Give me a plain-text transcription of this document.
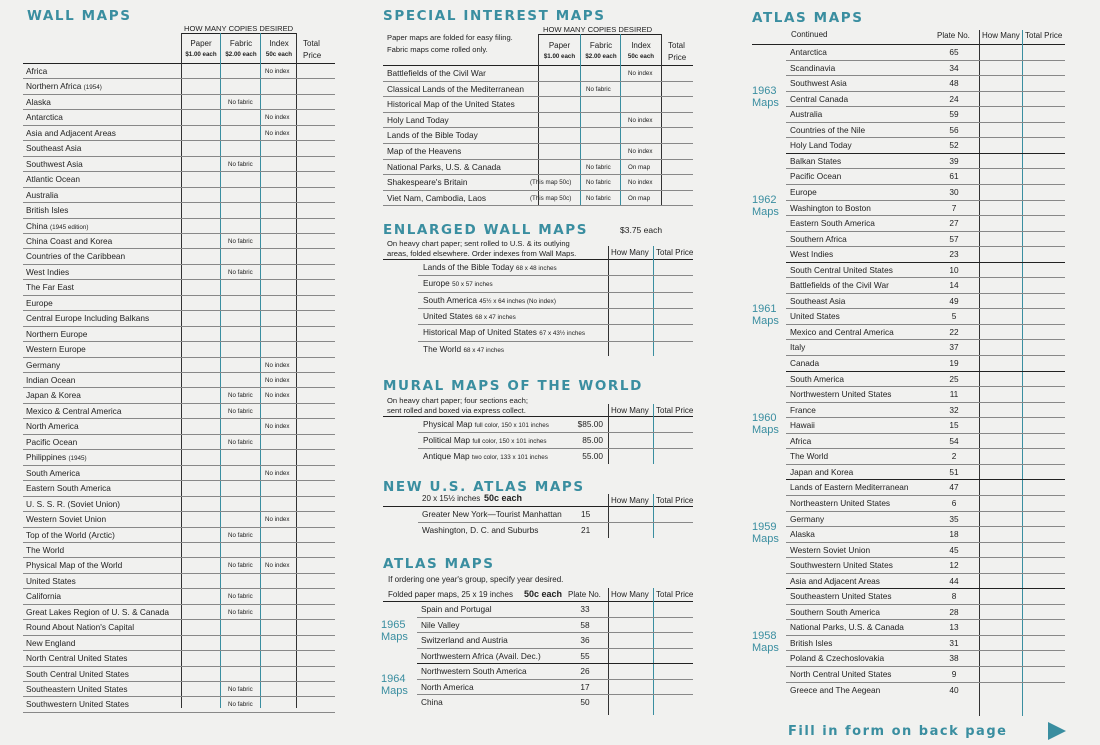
WALL MAPS
HOW MANY COPIES DESIRED
Paper
$1.00 each
Fabric
$2.00 each
Index
50c each
Total
Price
Africa	No index
Northern Africa (1954)
Alaska	No fabric
Antarctica	No index
Asia and Adjacent Areas	No index
Southeast Asia
Southwest Asia	No fabric
Atlantic Ocean
Australia
British Isles
China (1945 edition)
China Coast and Korea	No fabric
Countries of the Caribbean
West Indies	No fabric
The Far East
Europe
Central Europe Including Balkans
Northern Europe
Western Europe
Germany	No index
Indian Ocean	No index
Japan & Korea	No fabric No index
Mexico & Central America	No fabric
North America	No index
Pacific Ocean	No fabric
Philippines (1945)
South America	No index
Eastern South America
U. S. S. R. (Soviet Union)
Western Soviet Union	No index
Top of the World (Arctic)	No fabric
The World
Physical Map of the World	No fabric No index
United States
California	No fabric
Great Lakes Region of U. S. & Canada	No fabric
Round About Nation's Capital
New England
North Central United States
South Central United States
Southeastern United States	No fabric
Southwestern United States	No fabric
SPECIAL INTEREST MAPS
Paper maps are folded for easy filing.
Fabric maps come rolled only.
HOW MANY COPIES DESIRED
Paper
$1.00 each
Fabric
$2.00 each
Index
50c each
Total
Price
Battlefields of the Civil War	No index
Classical Lands of the Mediterranean	No fabric
Historical Map of the United States
Holy Land Today	No index
Lands of the Bible Today
Map of the Heavens	No index
National Parks, U.S. & Canada	No fabric	On map
Shakespeare's Britain	(This map 50c) No fabric	No index
Viet Nam, Cambodia, Laos	(This map 50c) No fabric	On map
ENLARGED WALL MAPS	$3.75 each
On heavy chart paper; sent rolled to U.S. & its outlying
areas, folded elsewhere. Order indexes from Wall Maps.	How Many Total Price
Lands of the Bible Today 68 x 48 inches
Europe 50 x 57 inches
South America 45½ x 64 inches (No index)
United States 68 x 47 inches
Historical Map of United States 67 x 43½ inches
The World 68 x 47 inches
MURAL MAPS OF THE WORLD
On heavy chart paper; four sections each;
sent rolled and boxed via express collect.	How Many Total Price
Physical Map full color, 150 x 101 inches	$85.00
Political Map full color, 150 x 101 inches	85.00
Antique Map two color, 133 x 101 inches	55.00
NEW U.S. ATLAS MAPS
20 x 15½ inches 50c each	How Many Total Price
Greater New York—Tourist Manhattan 15
Washington, D. C. and Suburbs	21
ATLAS MAPS
If ordering one year's group, specify year desired.
Folded paper maps, 25 x 19 inches 50c each Plate No. How Many Total Price
Spain and Portugal	33
Nile Valley	58
Switzerland and Austria	36
Northwestern Africa (Avail. Dec.)	55
1965
Maps
Northwestern South America	26
North America	17
China	50
1964
Maps
ATLAS MAPS
Continued	Plate No. How Many Total Price
Antarctica	65
Scandinavia	34
Southwest Asia	48
Central Canada	24
Australia	59
Countries of the Nile	56
Holy Land Today	52
1963
Maps
Balkan States	39
Pacific Ocean	61
Europe	30
Washington to Boston	7
Eastern South America	27
Southern Africa	57
West Indies	23
1962
Maps
South Central United States	10
Battlefields of the Civil War	14
Southeast Asia	49
United States	5
Mexico and Central America	22
Italy	37
Canada	19
1961
Maps
South America	25
Northwestern United States	11
France	32
Hawaii	15
Africa	54
The World	2
Japan and Korea	51
1960
Maps
Lands of Eastern Mediterranean	47
Northeastern United States	6
Germany	35
Alaska	18
Western Soviet Union	45
Southwestern United States	12
Asia and Adjacent Areas	44
1959
Maps
Southeastern United States	8
Southern South America	28
National Parks, U.S. & Canada	13
British Isles	31
Poland & Czechoslovakia	38
North Central United States	9
Greece and The Aegean	40
1958
Maps
Fill in form on back page
